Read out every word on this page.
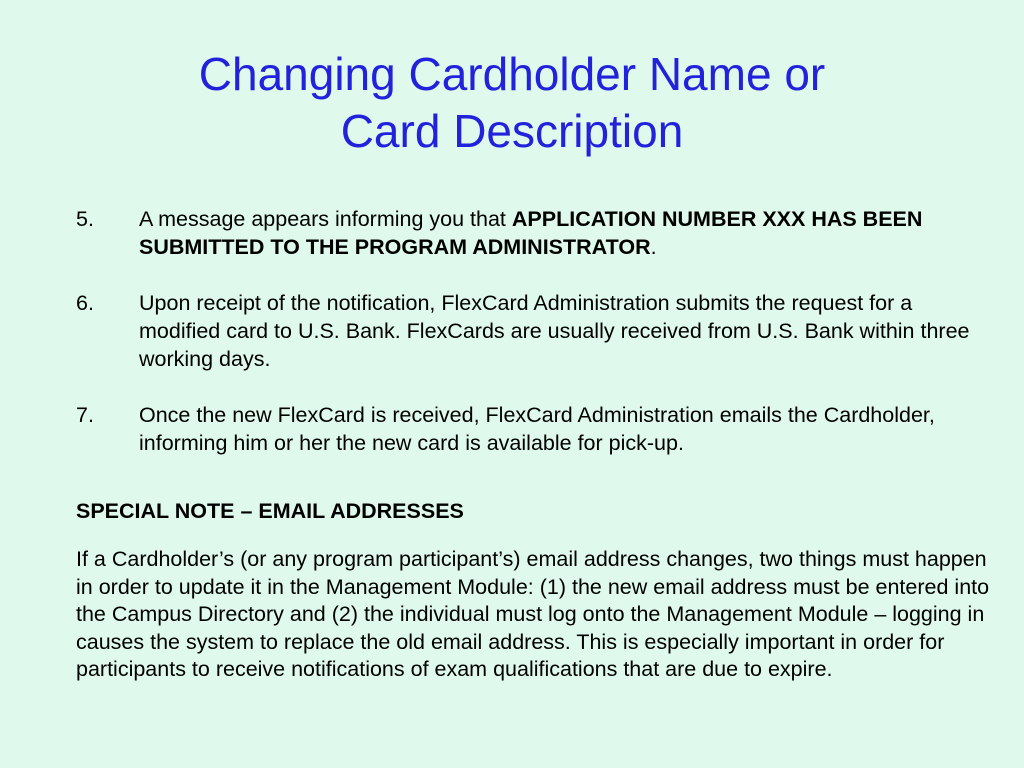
Changing Cardholder Name or
Card Description
5. A message appears informing you that APPLICATION NUMBER XXX HAS BEEN SUBMITTED TO THE PROGRAM ADMINISTRATOR.
6. Upon receipt of the notification, FlexCard Administration submits the request for a modified card to U.S. Bank. FlexCards are usually received from U.S. Bank within three working days.
7. Once the new FlexCard is received, FlexCard Administration emails the Cardholder, informing him or her the new card is available for pick-up.
SPECIAL NOTE – EMAIL ADDRESSES
If a Cardholder’s (or any program participant’s) email address changes, two things must happen in order to update it in the Management Module: (1) the new email address must be entered into the Campus Directory and (2) the individual must log onto the Management Module – logging in causes the system to replace the old email address. This is especially important in order for participants to receive notifications of exam qualifications that are due to expire.
